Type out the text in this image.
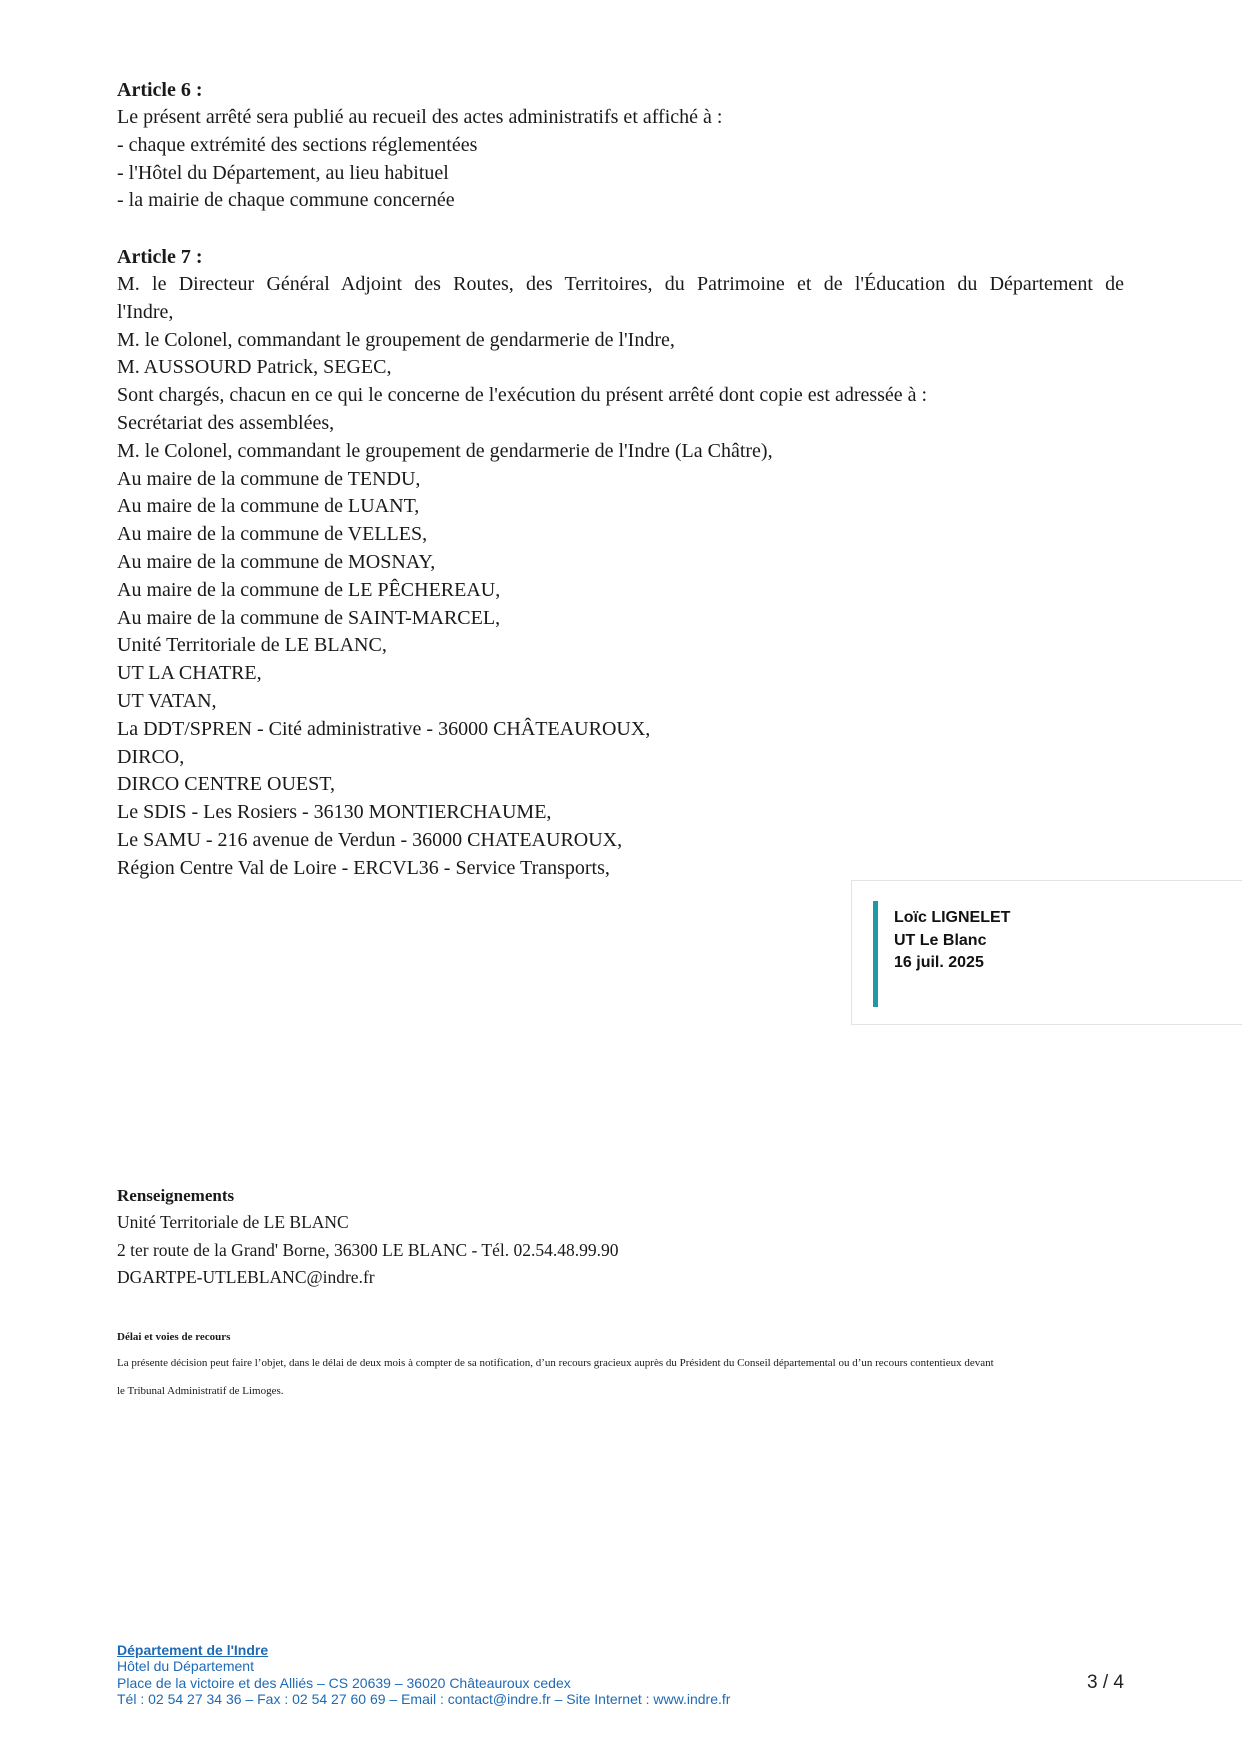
Article 6 :
Le présent arrêté sera publié au recueil des actes administratifs et affiché à :
- chaque extrémité des sections réglementées
- l'Hôtel du Département, au lieu habituel
- la mairie de chaque commune concernée
Article 7 :
M. le Directeur Général Adjoint des Routes, des Territoires, du Patrimoine et de l'Éducation du Département de
l'Indre,
M. le Colonel, commandant le groupement de gendarmerie de l'Indre,
M. AUSSOURD Patrick, SEGEC,
Sont chargés, chacun en ce qui le concerne de l'exécution du présent arrêté dont copie est adressée à :
Secrétariat des assemblées,
M. le Colonel, commandant le groupement de gendarmerie de l'Indre (La Châtre),
Au maire de la commune de TENDU,
Au maire de la commune de LUANT,
Au maire de la commune de VELLES,
Au maire de la commune de MOSNAY,
Au maire de la commune de LE PÊCHEREAU,
Au maire de la commune de SAINT-MARCEL,
Unité Territoriale de LE BLANC,
UT LA CHATRE,
UT VATAN,
La DDT/SPREN - Cité administrative - 36000 CHÂTEAUROUX,
DIRCO,
DIRCO CENTRE OUEST,
Le SDIS - Les Rosiers - 36130 MONTIERCHAUME,
Le SAMU - 216 avenue de Verdun - 36000 CHATEAUROUX,
Région Centre Val de Loire - ERCVL36 - Service Transports,
Loïc LIGNELET
UT Le Blanc
16 juil. 2025
Renseignements
Unité Territoriale de LE BLANC
2 ter route de la Grand' Borne, 36300 LE BLANC - Tél. 02.54.48.99.90
DGARTPE-UTLEBLANC@indre.fr
Délai et voies de recours
La présente décision peut faire l’objet, dans le délai de deux mois à compter de sa notification, d’un recours gracieux auprès du Président du Conseil départemental ou d’un recours contentieux devant
le Tribunal Administratif de Limoges.
Département de l'Indre
Hôtel du Département
Place de la victoire et des Alliés – CS 20639 – 36020 Châteauroux cedex
Tél : 02 54 27 34 36 – Fax : 02 54 27 60 69 – Email : contact@indre.fr – Site Internet : www.indre.fr
3 / 4
